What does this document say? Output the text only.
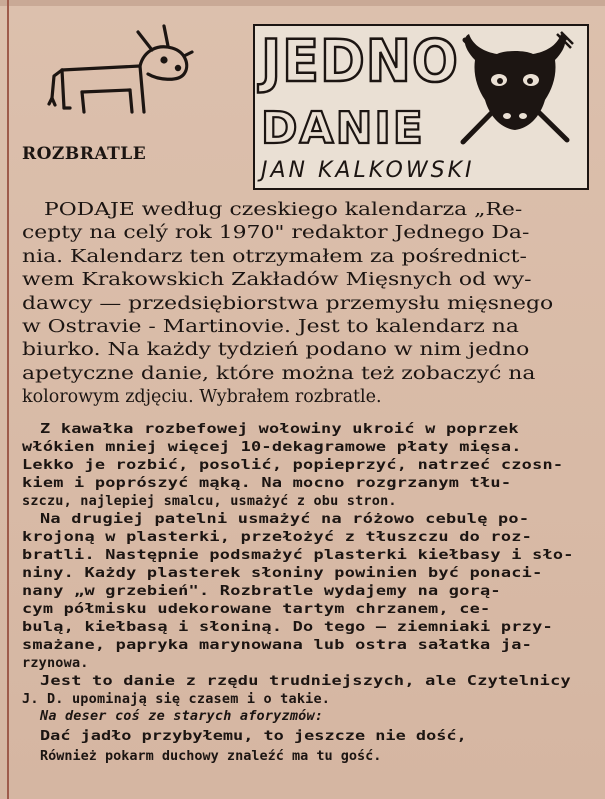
ROZBRATLE
JEDNO
DANIE
JAN KALKOWSKI
PODAJE według czeskiego kalendarza „Re-
cepty na celý rok 1970" redaktor Jednego Da-
nia. Kalendarz ten otrzymałem za pośrednict-
wem Krakowskich Zakładów Mięsnych od wy-
dawcy — przedsiębiorstwa przemysłu mięsnego
w Ostravie - Martinovie. Jest to kalendarz na
biurko. Na każdy tydzień podano w nim jedno
apetyczne danie, które można też zobaczyć na
kolorowym zdjęciu. Wybrałem rozbratle.
Z kawałka rozbefowej wołowiny ukroić w poprzek
włókien mniej więcej 10-dekagramowe płaty mięsa.
Lekko je rozbić, posolić, popieprzyć, natrzeć czosn-
kiem i poprószyć mąką. Na mocno rozgrzanym tłu-
szczu, najlepiej smalcu, usmażyć z obu stron.
Na drugiej patelni usmażyć na różowo cebulę po-
krojoną w plasterki, przełożyć z tłuszczu do roz-
bratli. Następnie podsmażyć plasterki kiełbasy i sło-
niny. Każdy plasterek słoniny powinien być ponaci-
nany „w grzebień". Rozbratle wydajemy na gorą-
cym półmisku udekorowane tartym chrzanem, ce-
bulą, kiełbasą i słoniną. Do tego — ziemniaki przy-
smażane, papryka marynowana lub ostra sałatka ja-
rzynowa.
Jest to danie z rzędu trudniejszych, ale Czytelnicy
J. D. upominają się czasem i o takie.
Na deser coś ze starych aforyzmów:
Dać jadło przybyłemu, to jeszcze nie dość,
Również pokarm duchowy znaleźć ma tu gość.
